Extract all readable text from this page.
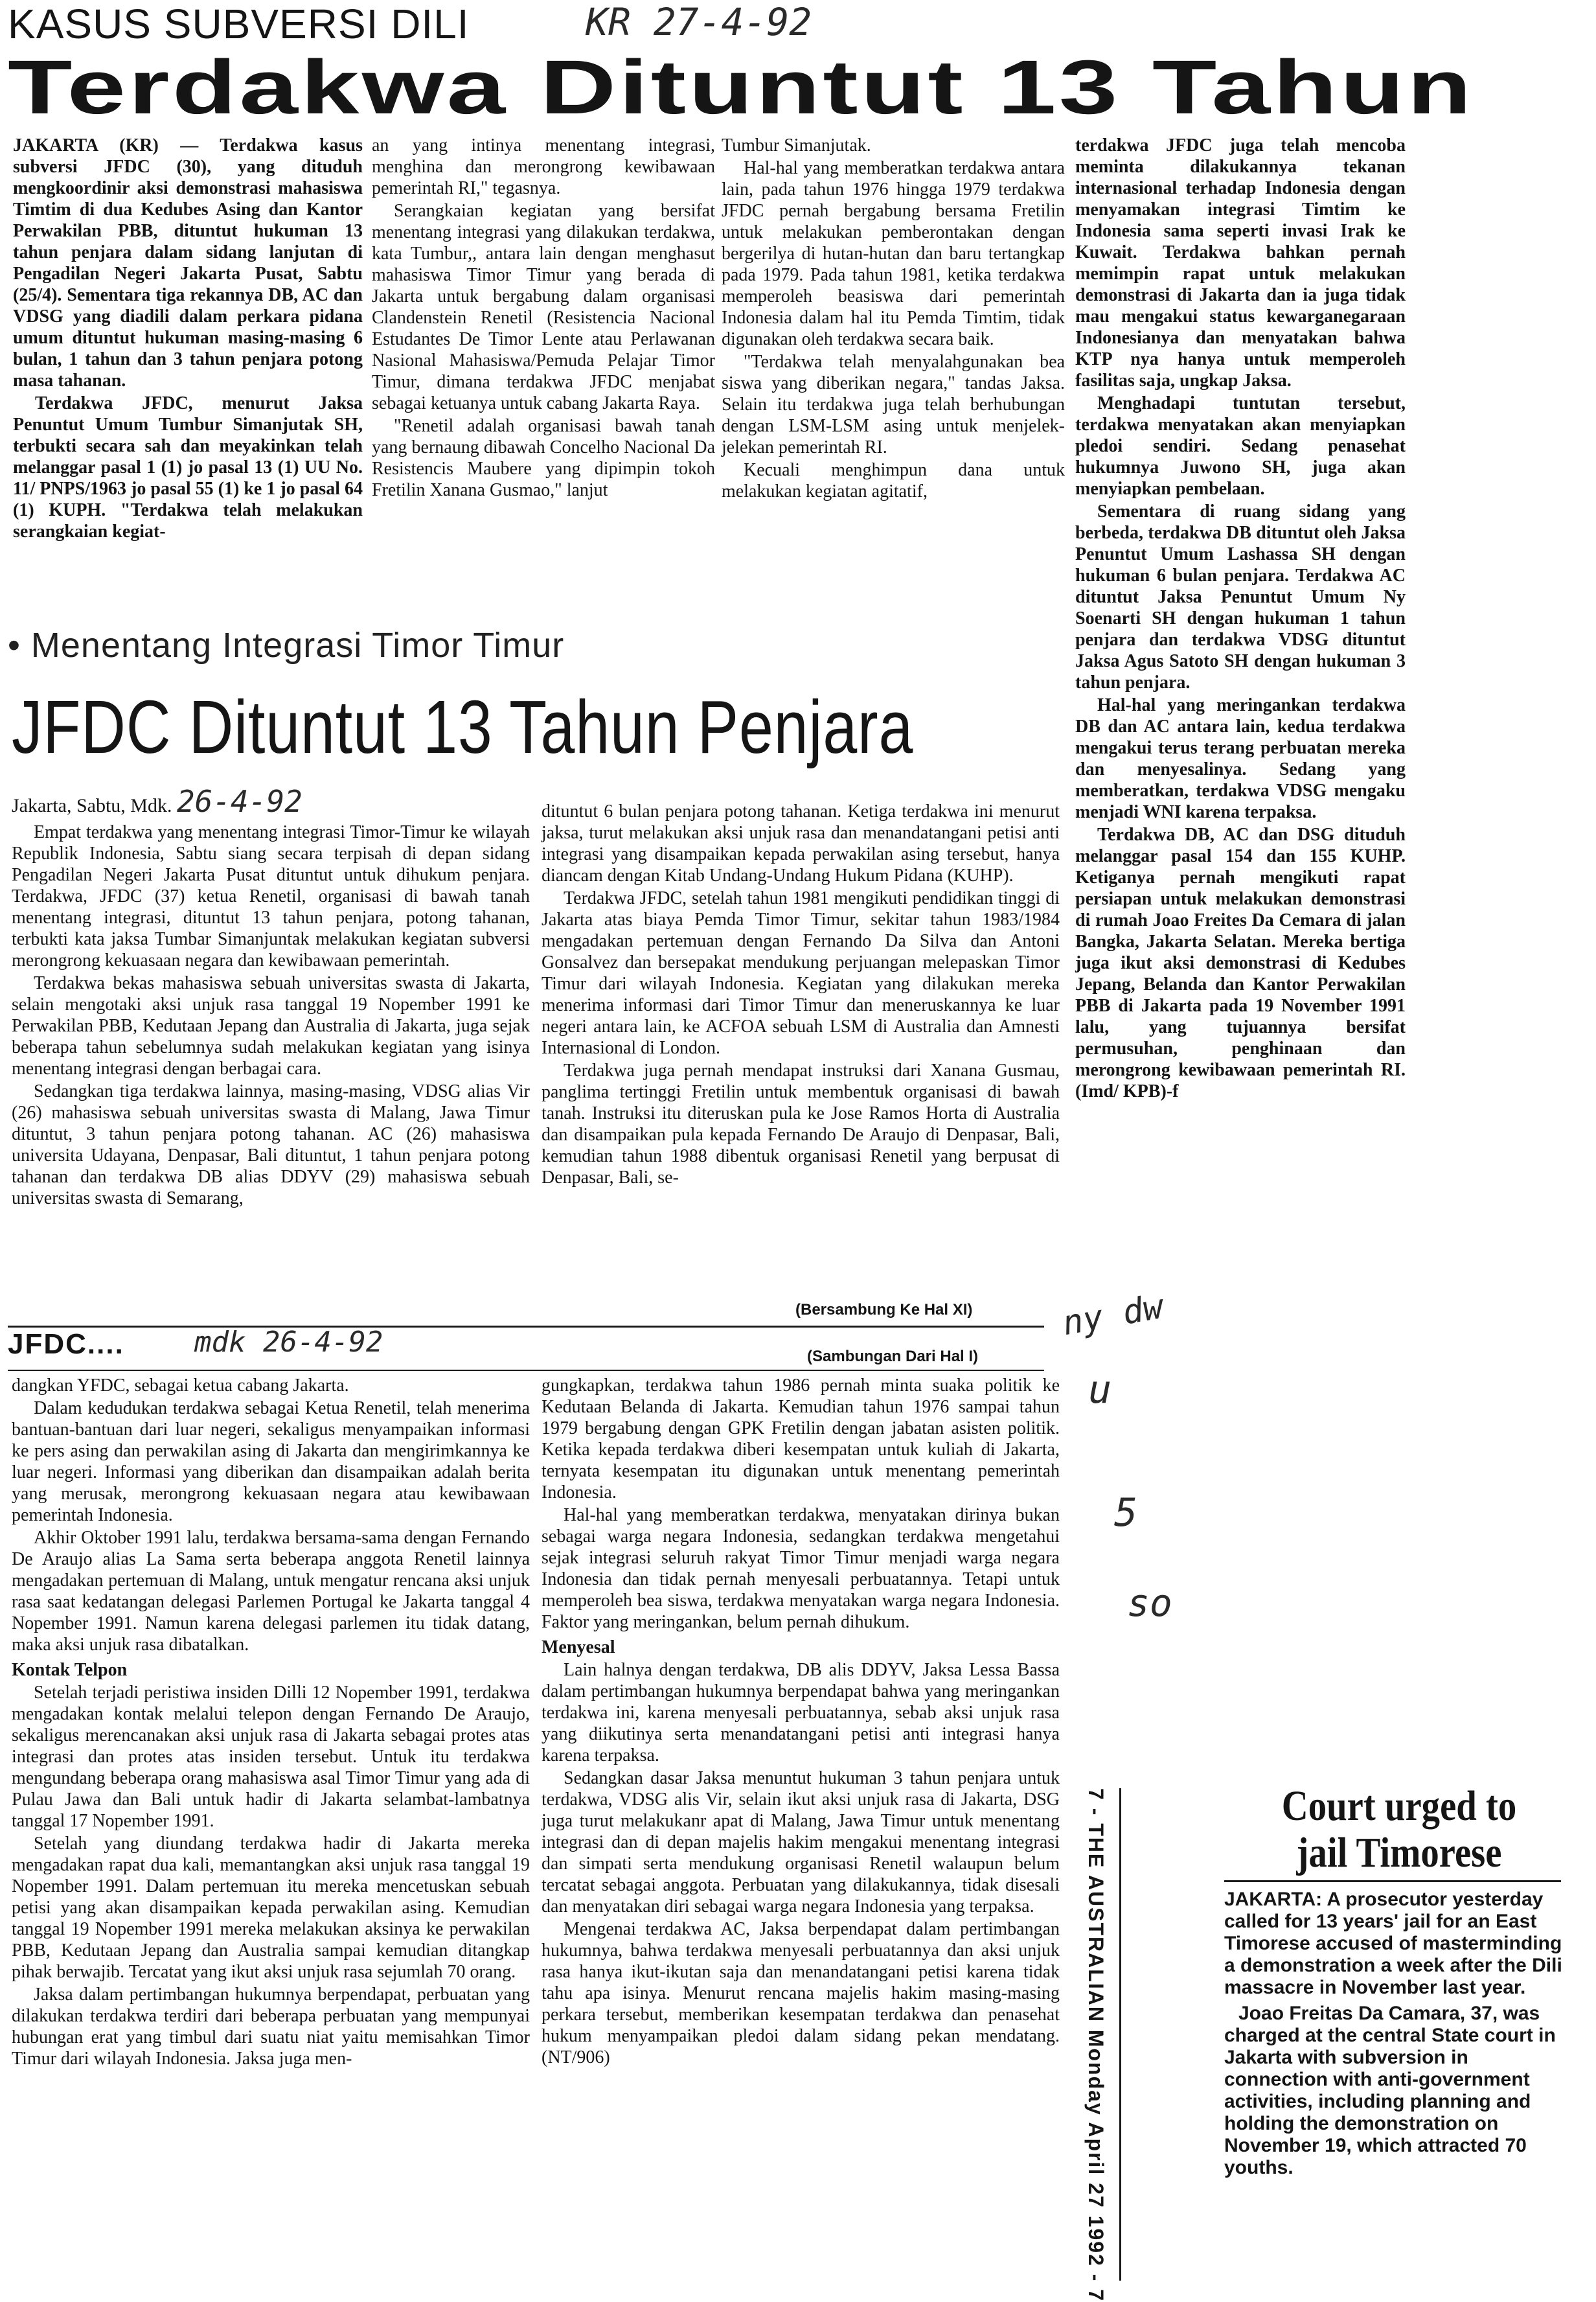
KASUS SUBVERSI DILI	KR 27-4-92
Terdakwa Dituntut 13 Tahun

JAKARTA (KR) — Terdakwa kasus subversi JFDC (30), yang dituduh mengkoordinir aksi demonstrasi mahasiswa Timtim di dua Kedubes Asing dan Kantor Perwakilan PBB, dituntut hukuman 13 tahun penjara dalam sidang lanjutan di Pengadilan Negeri Jakarta Pusat, Sabtu (25/4). Sementara tiga rekannya DB, AC dan VDSG yang diadili dalam perkara pidana umum dituntut hukuman masing-masing 6 bulan, 1 tahun dan 3 tahun penjara potong masa tahanan.

Terdakwa JFDC, menurut Jaksa Penuntut Umum Tumbur Simanjutak SH, terbukti secara sah dan meyakinkan telah melanggar pasal 1 (1) jo pasal 13 (1) UU No. 11/ PNPS/1963 jo pasal 55 (1) ke 1 jo pasal 64 (1) KUPH. "Terdakwa telah melakukan serangkaian kegiat-

an yang intinya menentang integrasi, menghina dan merongrong kewibawaan pemerintah RI," tegasnya.

Serangkaian kegiatan yang bersifat menentang integrasi yang dilakukan terdakwa, kata Tumbur,, antara lain dengan menghasut mahasiswa Timor Timur yang berada di Jakarta untuk bergabung dalam organisasi Clandenstein Renetil (Resistencia Nacional Estudantes De Timor Lente atau Perlawanan Nasional Mahasiswa/Pemuda Pelajar Timor Timur, dimana terdakwa JFDC menjabat sebagai ketuanya untuk cabang Jakarta Raya.

"Renetil adalah organisasi bawah tanah yang bernaung dibawah Concelho Nacional Da Resistencis Maubere yang dipimpin tokoh Fretilin Xanana Gusmao," lanjut

Tumbur Simanjutak.

Hal-hal yang memberatkan terdakwa antara lain, pada tahun 1976 hingga 1979 terdakwa JFDC pernah bergabung bersama Fretilin untuk melakukan pemberontakan dengan bergerilya di hutan-hutan dan baru tertangkap pada 1979. Pada tahun 1981, ketika terdakwa memperoleh beasiswa dari pemerintah Indonesia dalam hal itu Pemda Timtim, tidak digunakan oleh terdakwa secara baik.

"Terdakwa telah menyalahgunakan bea siswa yang diberikan negara," tandas Jaksa. Selain itu terdakwa juga telah berhubungan dengan LSM-LSM asing untuk menjelek-jelekan pemerintah RI.

Kecuali menghimpun dana untuk melakukan kegiatan agitatif,

terdakwa JFDC juga telah mencoba meminta dilakukannya tekanan internasional terhadap Indonesia dengan menyamakan integrasi Timtim ke Indonesia sama seperti invasi Irak ke Kuwait. Terdakwa bahkan pernah memimpin rapat untuk melakukan demonstrasi di Jakarta dan ia juga tidak mau mengakui status kewarganegaraan Indonesianya dan menyatakan bahwa KTP nya hanya untuk memperoleh fasilitas saja, ungkap Jaksa.

Menghadapi tuntutan tersebut, terdakwa menyatakan akan menyiapkan pledoi sendiri. Sedang penasehat hukumnya Juwono SH, juga akan menyiapkan pembelaan.

Sementara di ruang sidang yang berbeda, terdakwa DB dituntut oleh Jaksa Penuntut Umum Lashassa SH dengan hukuman 6 bulan penjara. Terdakwa AC dituntut Jaksa Penuntut Umum Ny Soenarti SH dengan hukuman 1 tahun penjara dan terdakwa VDSG dituntut Jaksa Agus Satoto SH dengan hukuman 3 tahun penjara.

Hal-hal yang meringankan terdakwa DB dan AC antara lain, kedua terdakwa mengakui terus terang perbuatan mereka dan menyesalinya. Sedang yang memberatkan, terdakwa VDSG mengaku menjadi WNI karena terpaksa.

Terdakwa DB, AC dan DSG dituduh melanggar pasal 154 dan 155 KUHP. Ketiganya pernah mengikuti rapat persiapan untuk melakukan demonstrasi di rumah Joao Freites Da Cemara di jalan Bangka, Jakarta Selatan. Mereka bertiga juga ikut aksi demonstrasi di Kedubes Jepang, Belanda dan Kantor Perwakilan PBB di Jakarta pada 19 November 1991 lalu, yang tujuannya bersifat permusuhan, penghinaan dan merongrong kewibawaan pemerintah RI. (Imd/ KPB)-f

• Menentang Integrasi Timor Timur
JFDC Dituntut 13 Tahun Penjara
Jakarta, Sabtu, Mdk. 26-4-92

Empat terdakwa yang menentang integrasi Timor-Timur ke wilayah Republik Indonesia, Sabtu siang secara terpisah di depan sidang Pengadilan Negeri Jakarta Pusat dituntut untuk dihukum penjara. Terdakwa, JFDC (37) ketua Renetil, organisasi di bawah tanah menentang integrasi, dituntut 13 tahun penjara, potong tahanan, terbukti kata jaksa Tumbar Simanjuntak melakukan kegiatan subversi merongrong kekuasaan negara dan kewibawaan pemerintah.

Terdakwa bekas mahasiswa sebuah universitas swasta di Jakarta, selain mengotaki aksi unjuk rasa tanggal 19 Nopember 1991 ke Perwakilan PBB, Kedutaan Jepang dan Australia di Jakarta, juga sejak beberapa tahun sebelumnya sudah melakukan kegiatan yang isinya menentang integrasi dengan berbagai cara.

Sedangkan tiga terdakwa lainnya, masing-masing, VDSG alias Vir (26) mahasiswa sebuah universitas swasta di Malang, Jawa Timur dituntut, 3 tahun penjara potong tahanan. AC (26) mahasiswa universita Udayana, Denpasar, Bali dituntut, 1 tahun penjara potong tahanan dan terdakwa DB alias DDYV (29) mahasiswa sebuah universitas swasta di Semarang,

dituntut 6 bulan penjara potong tahanan. Ketiga terdakwa ini menurut jaksa, turut melakukan aksi unjuk rasa dan menandatangani petisi anti integrasi yang disampaikan kepada perwakilan asing tersebut, hanya diancam dengan Kitab Undang-Undang Hukum Pidana (KUHP).

Terdakwa JFDC, setelah tahun 1981 mengikuti pendidikan tinggi di Jakarta atas biaya Pemda Timor Timur, sekitar tahun 1983/1984 mengadakan pertemuan dengan Fernando Da Silva dan Antoni Gonsalvez dan bersepakat mendukung perjuangan melepaskan Timor Timur dari wilayah Indonesia. Kegiatan yang dilakukan mereka menerima informasi dari Timor Timur dan meneruskannya ke luar negeri antara lain, ke ACFOA sebuah LSM di Australia dan Amnesti Internasional di London.

Terdakwa juga pernah mendapat instruksi dari Xanana Gusmau, panglima tertinggi Fretilin untuk membentuk organisasi di bawah tanah. Instruksi itu diteruskan pula ke Jose Ramos Horta di Australia dan disampaikan pula kepada Fernando De Araujo di Denpasar, Bali, kemudian tahun 1988 dibentuk organisasi Renetil yang berpusat di Denpasar, Bali, se-

(Bersambung Ke Hal XI)
JFDC.... mdk 26-4-92	(Sambungan Dari Hal I)

dangkan YFDC, sebagai ketua cabang Jakarta.

Dalam kedudukan terdakwa sebagai Ketua Renetil, telah menerima bantuan-bantuan dari luar negeri, sekaligus menyampaikan informasi ke pers asing dan perwakilan asing di Jakarta dan mengirimkannya ke luar negeri. Informasi yang diberikan dan disampaikan adalah berita yang merusak, merongrong kekuasaan negara atau kewibawaan pemerintah Indonesia.

Akhir Oktober 1991 lalu, terdakwa bersama-sama dengan Fernando De Araujo alias La Sama serta beberapa anggota Renetil lainnya mengadakan pertemuan di Malang, untuk mengatur rencana aksi unjuk rasa saat kedatangan delegasi Parlemen Portugal ke Jakarta tanggal 4 Nopember 1991. Namun karena delegasi parlemen itu tidak datang, maka aksi unjuk rasa dibatalkan.

Kontak Telpon

Setelah terjadi peristiwa insiden Dilli 12 Nopember 1991, terdakwa mengadakan kontak melalui telepon dengan Fernando De Araujo, sekaligus merencanakan aksi unjuk rasa di Jakarta sebagai protes atas integrasi dan protes atas insiden tersebut. Untuk itu terdakwa mengundang beberapa orang mahasiswa asal Timor Timur yang ada di Pulau Jawa dan Bali untuk hadir di Jakarta selambat-lambatnya tanggal 17 Nopember 1991.

Setelah yang diundang terdakwa hadir di Jakarta mereka mengadakan rapat dua kali, memantangkan aksi unjuk rasa tanggal 19 Nopember 1991. Dalam pertemuan itu mereka mencetuskan sebuah petisi yang akan disampaikan kepada perwakilan asing. Kemudian tanggal 19 Nopember 1991 mereka melakukan aksinya ke perwakilan PBB, Kedutaan Jepang dan Australia sampai kemudian ditangkap pihak berwajib. Tercatat yang ikut aksi unjuk rasa sejumlah 70 orang.

Jaksa dalam pertimbangan hukumnya berpendapat, perbuatan yang dilakukan terdakwa terdiri dari beberapa perbuatan yang mempunyai hubungan erat yang timbul dari suatu niat yaitu memisahkan Timor Timur dari wilayah Indonesia. Jaksa juga men-

gungkapkan, terdakwa tahun 1986 pernah minta suaka politik ke Kedutaan Belanda di Jakarta. Kemudian tahun 1976 sampai tahun 1979 bergabung dengan GPK Fretilin dengan jabatan asisten politik. Ketika kepada terdakwa diberi kesempatan untuk kuliah di Jakarta, ternyata kesempatan itu digunakan untuk menentang pemerintah Indonesia.

Hal-hal yang memberatkan terdakwa, menyatakan dirinya bukan sebagai warga negara Indonesia, sedangkan terdakwa mengetahui sejak integrasi seluruh rakyat Timor Timur menjadi warga negara Indonesia dan tidak pernah menyesali perbuatannya. Tetapi untuk memperoleh bea siswa, terdakwa menyatakan warga negara Indonesia. Faktor yang meringankan, belum pernah dihukum.

Menyesal

Lain halnya dengan terdakwa, DB alis DDYV, Jaksa Lessa Bassa dalam pertimbangan hukumnya berpendapat bahwa yang meringankan terdakwa ini, karena menyesali perbuatannya, sebab aksi unjuk rasa yang diikutinya serta menandatangani petisi anti integrasi hanya karena terpaksa.

Sedangkan dasar Jaksa menuntut hukuman 3 tahun penjara untuk terdakwa, VDSG alis Vir, selain ikut aksi unjuk rasa di Jakarta, DSG juga turut melakukanr apat di Malang, Jawa Timur untuk menentang integrasi dan di depan majelis hakim mengakui menentang integrasi dan simpati serta mendukung organisasi Renetil walaupun belum tercatat sebagai anggota. Perbuatan yang dilakukannya, tidak disesali dan menyatakan diri sebagai warga negara Indonesia yang terpaksa.

Mengenai terdakwa AC, Jaksa berpendapat dalam pertimbangan hukumnya, bahwa terdakwa menyesali perbuatannya dan aksi unjuk rasa hanya ikut-ikutan saja dan menandatangani petisi karena tidak tahu apa isinya. Menurut rencana majelis hakim masing-masing perkara tersebut, memberikan kesempatan terdakwa dan penasehat hukum menyampaikan pledoi dalam sidang pekan mendatang. (NT/906)

ny dw
u
5
so
7 - THE AUSTRALIAN Monday April 27 1992 - 7	Court urged to
jail Timorese

JAKARTA: A prosecutor yesterday called for 13 years' jail for an East Timorese accused of masterminding a demonstration a week after the Dili massacre in November last year.

Joao Freitas Da Camara, 37, was charged at the central State court in Jakarta with subversion in connection with anti-government activities, including planning and holding the demonstration on November 19, which attracted 70 youths.
